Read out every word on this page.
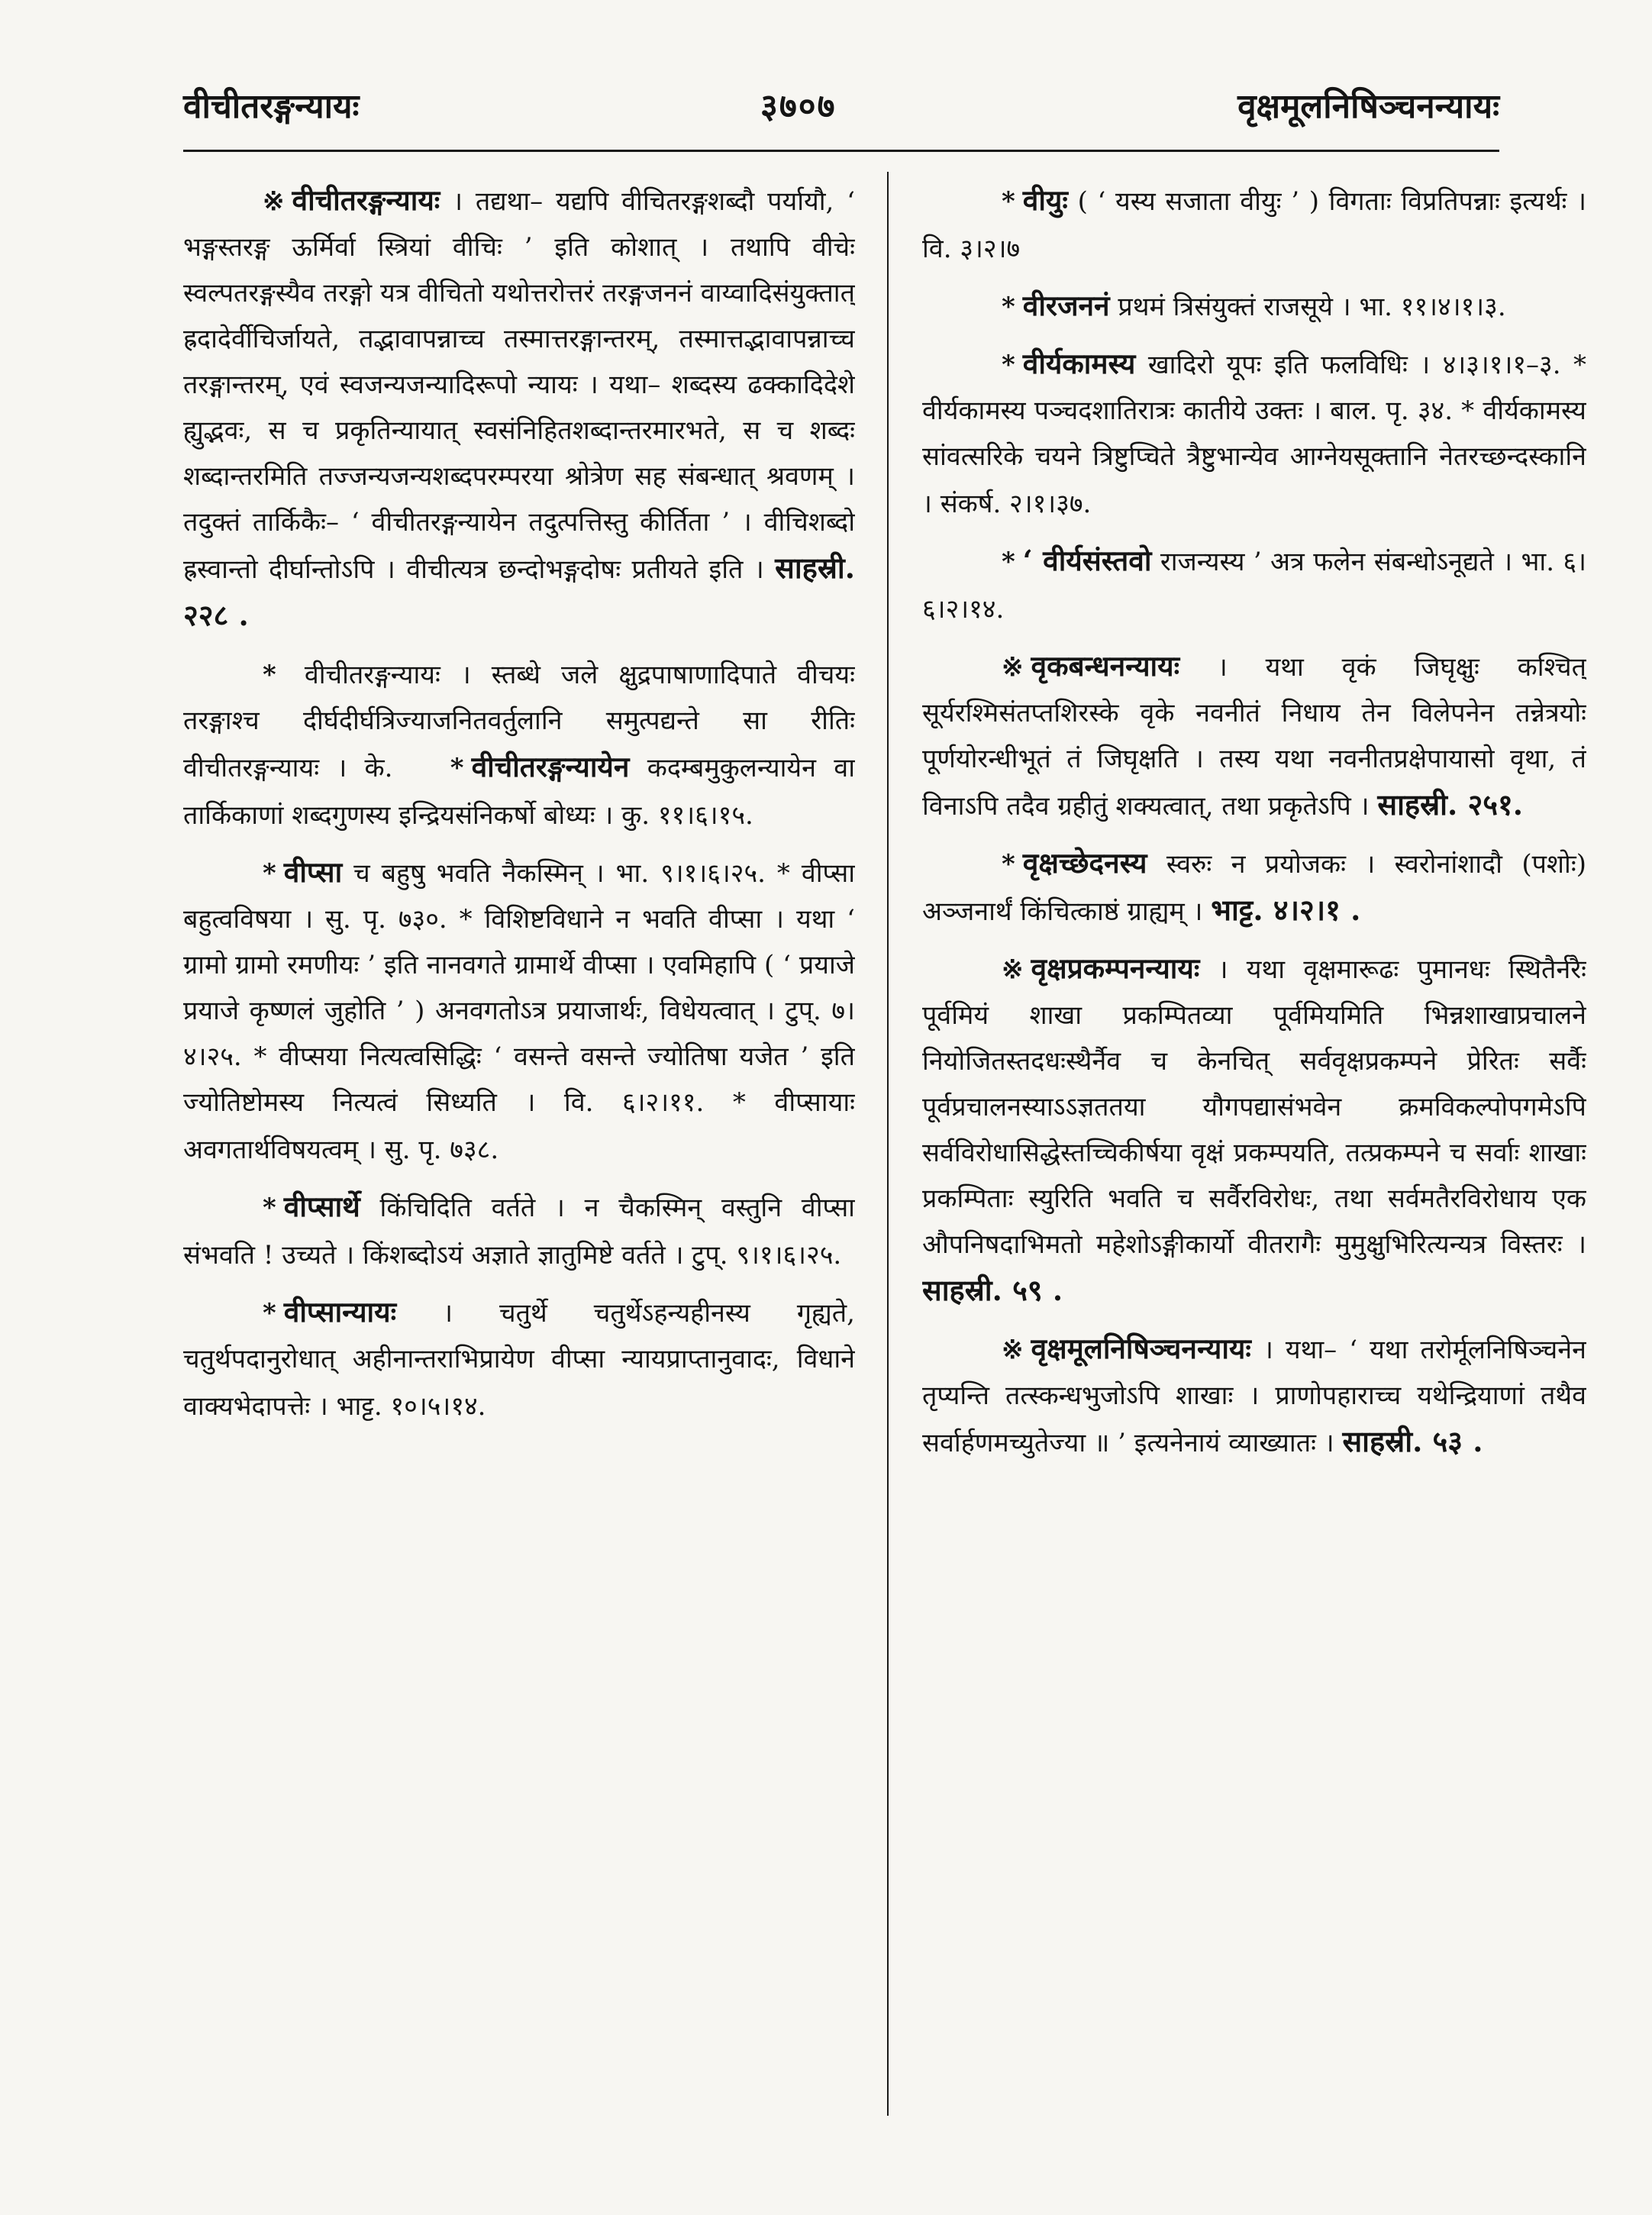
वीचीतरङ्गन्यायः	३७०७	वृक्षमूलनिषिञ्चनन्यायः

※ वीचीतरङ्गन्यायः । तद्यथा– यद्यपि वीचितरङ्गशब्दौ पर्यायौ, ‘ भङ्गस्तरङ्ग ऊर्मिर्वा स्त्रियां वीचिः ’ इति कोशात् । तथापि वीचेः स्वल्पतरङ्गस्यैव तरङ्गो यत्र वीचितो यथोत्तरोत्तरं तरङ्गजननं वाय्वादिसंयुक्तात् ह्रदादेर्वीचिर्जायते, तद्भावापन्नाच्च तस्मात्तरङ्गान्तरम्, तस्मात्तद्भावापन्नाच्च तरङ्गान्तरम्, एवं स्वजन्यजन्यादिरूपो न्यायः । यथा– शब्दस्य ढक्कादिदेशे ह्युद्भवः, स च प्रकृतिन्यायात् स्वसंनिहितशब्दान्तरमारभते, स च शब्दः शब्दान्तरमिति तज्जन्यजन्यशब्दपरम्परया श्रोत्रेण सह संबन्धात् श्रवणम् । तदुक्तं तार्किकैः– ‘ वीचीतरङ्गन्यायेन तदुत्पत्तिस्तु कीर्तिता ’ । वीचिशब्दो ह्रस्वान्तो दीर्घान्तोऽपि । वीचीत्यत्र छन्दोभङ्गदोषः प्रतीयते इति । साहस्री. २२८ .

* वीचीतरङ्गन्यायः । स्तब्धे जले क्षुद्रपाषाणादिपाते वीचयः तरङ्गाश्च दीर्घदीर्घत्रिज्याजनितवर्तुलानि समुत्पद्यन्ते सा रीतिः वीचीतरङ्गन्यायः । के. * वीचीतरङ्गन्यायेन कदम्बमुकुलन्यायेन वा तार्किकाणां शब्दगुणस्य इन्द्रियसंनिकर्षो बोध्यः । कु. ११।६।१५.

* वीप्सा च बहुषु भवति नैकस्मिन् । भा. ९।१।६।२५. * वीप्सा बहुत्वविषया । सु. पृ. ७३०. * विशिष्टविधाने न भवति वीप्सा । यथा ‘ ग्रामो ग्रामो रमणीयः ’ इति नानवगते ग्रामार्थे वीप्सा । एवमिहापि ( ‘ प्रयाजे प्रयाजे कृष्णलं जुहोति ’ ) अनवगतोऽत्र प्रयाजार्थः, विधेयत्वात् । टुप्. ७।४।२५. * वीप्सया नित्यत्वसिद्धिः ‘ वसन्ते वसन्ते ज्योतिषा यजेत ’ इति ज्योतिष्टोमस्य नित्यत्वं सिध्यति । वि. ६।२।११. * वीप्सायाः अवगतार्थविषयत्वम् । सु. पृ. ७३८.

* वीप्सार्थे किंचिदिति वर्तते । न चैकस्मिन् वस्तुनि वीप्सा संभवति ! उच्यते । किंशब्दोऽयं अज्ञाते ज्ञातुमिष्टे वर्तते । टुप्. ९।१।६।२५.

* वीप्सान्यायः । चतुर्थे चतुर्थेऽहन्यहीनस्य गृह्यते, चतुर्थपदानुरोधात् अहीनान्तराभिप्रायेण वीप्सा न्यायप्राप्तानुवादः, विधाने वाक्यभेदापत्तेः । भाट्ट. १०।५।१४.

* वीयुः ( ‘ यस्य सजाता वीयुः ’ ) विगताः विप्रतिपन्नाः इत्यर्थः । वि. ३।२।७

* वीरजननं प्रथमं त्रिसंयुक्तं राजसूये । भा. ११।४।१।३.

* वीर्यकामस्य खादिरो यूपः इति फलविधिः । ४।३।१।१–३. * वीर्यकामस्य पञ्चदशातिरात्रः कातीये उक्तः । बाल. पृ. ३४. * वीर्यकामस्य सांवत्सरिके चयने त्रिष्टुप्चिते त्रैष्टुभान्येव आग्नेयसूक्तानि नेतरच्छन्दस्कानि । संकर्ष. २।१।३७.

* ‘ वीर्यसंस्तवो राजन्यस्य ’ अत्र फलेन संबन्धोऽनूद्यते । भा. ६।६।२।१४.

※ वृकबन्धनन्यायः । यथा वृकं जिघृक्षुः कश्चित् सूर्यरश्मिसंतप्तशिरस्के वृके नवनीतं निधाय तेन विलेपनेन तन्नेत्रयोः पूर्णयोरन्धीभूतं तं जिघृक्षति । तस्य यथा नवनीतप्रक्षेपायासो वृथा, तं विनाऽपि तदैव ग्रहीतुं शक्यत्वात्, तथा प्रकृतेऽपि । साहस्री. २५१.

* वृक्षच्छेदनस्य स्वरुः न प्रयोजकः । स्वरोनांशादौ (पशोः) अञ्जनार्थं किंचित्काष्ठं ग्राह्यम् । भाट्ट. ४।२।१ .

※ वृक्षप्रकम्पनन्यायः । यथा वृक्षमारूढः पुमानधः स्थितैर्नरैः पूर्वमियं शाखा प्रकम्पितव्या पूर्वमियमिति भिन्नशाखाप्रचालने नियोजितस्तदधःस्थैर्नैव च केनचित् सर्ववृक्षप्रकम्पने प्रेरितः सर्वैः पूर्वप्रचालनस्याऽऽज्ञततया यौगपद्यासंभवेन क्रमविकल्पोपगमेऽपि सर्वविरोधासिद्धेस्तच्चिकीर्षया वृक्षं प्रकम्पयति, तत्प्रकम्पने च सर्वाः शाखाः प्रकम्पिताः स्युरिति भवति च सर्वैरविरोधः, तथा सर्वमतैरविरोधाय एक औपनिषदाभिमतो महेशोऽङ्गीकार्यो वीतरागैः मुमुक्षुभिरित्यन्यत्र विस्तरः । साहस्री. ५९ .

※ वृक्षमूलनिषिञ्चनन्यायः । यथा– ‘ यथा तरोर्मूलनिषिञ्चनेन तृप्यन्ति तत्स्कन्धभुजोऽपि शाखाः । प्राणोपहाराच्च यथेन्द्रियाणां तथैव सर्वार्हणमच्युतेज्या ॥ ’ इत्यनेनायं व्याख्यातः । साहस्री. ५३ .
